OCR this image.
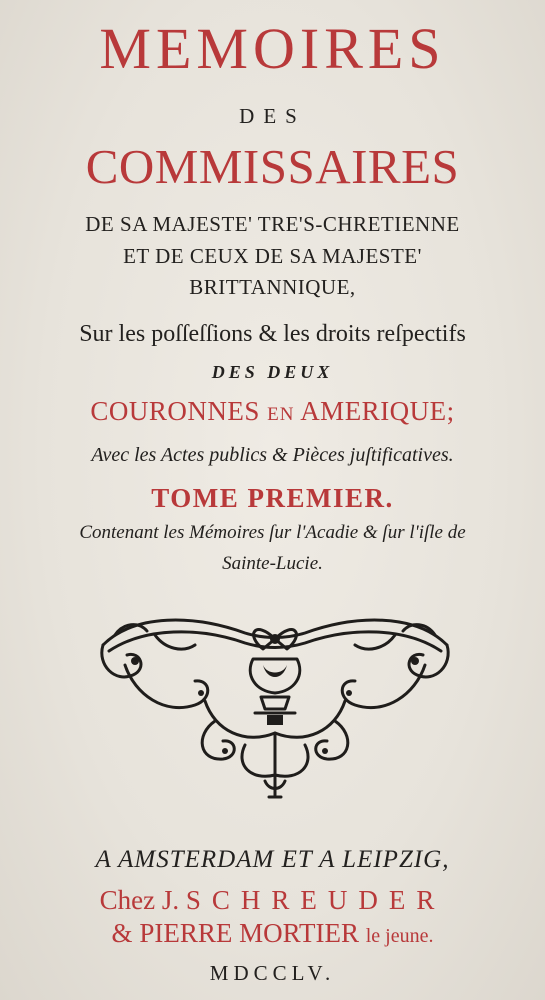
MEMOIRES
DES
COMMISSAIRES
DE SA MAJESTE' TRE'S-CHRETIENNE
ET DE CEUX DE SA MAJESTE'
BRITTANNIQUE,
Sur les poſſeſſions & les droits reſpectifs
DES DEUX
COURONNES EN AMERIQUE;
Avec les Actes publics & Pièces juſtificatives.
TOME PREMIER.
Contenant les Mémoires ſur l'Acadie & ſur l'iſle de
Sainte-Lucie.
A AMSTERDAM ET A LEIPZIG,
Chez J. SCHREUDER
& PIERRE MORTIER le jeune.
MDCCLV.
